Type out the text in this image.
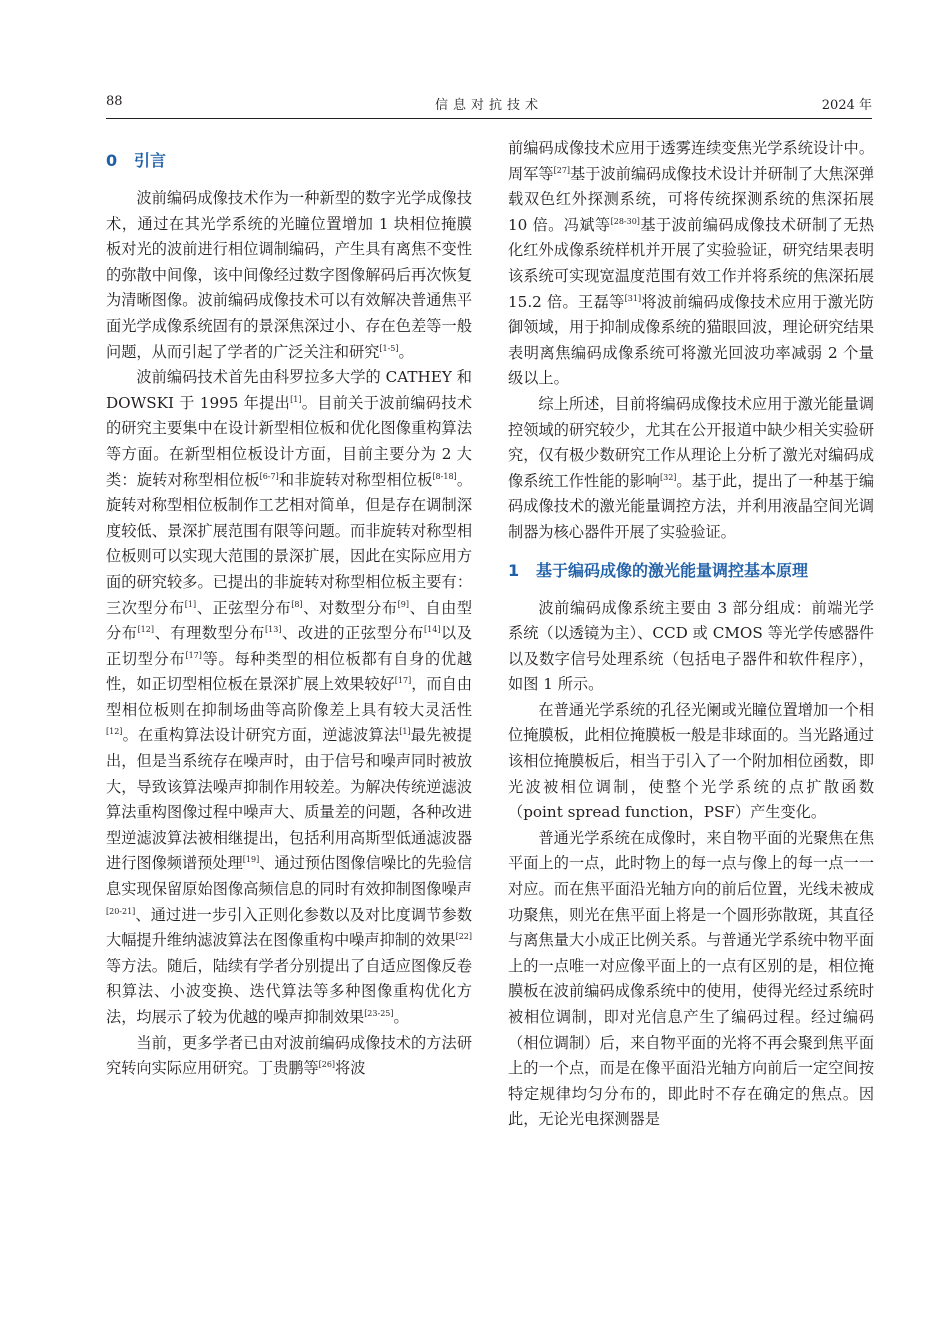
88	信息对抗技术	2024 年
0 引言

波前编码成像技术作为一种新型的数字光学成像技术，通过在其光学系统的光瞳位置增加 1 块相位掩膜板对光的波前进行相位调制编码，产生具有离焦不变性的弥散中间像，该中间像经过数字图像解码后再次恢复为清晰图像。波前编码成像技术可以有效解决普通焦平面光学成像系统固有的景深焦深过小、存在色差等一般问题，从而引起了学者的广泛关注和研究[1-5]。

波前编码技术首先由科罗拉多大学的 CATHEY 和 DOWSKI 于 1995 年提出[1]。目前关于波前编码技术的研究主要集中在设计新型相位板和优化图像重构算法等方面。在新型相位板设计方面，目前主要分为 2 大类：旋转对称型相位板[6-7]和非旋转对称型相位板[8-18]。旋转对称型相位板制作工艺相对简单，但是存在调制深度较低、景深扩展范围有限等问题。而非旋转对称型相位板则可以实现大范围的景深扩展，因此在实际应用方面的研究较多。已提出的非旋转对称型相位板主要有：三次型分布[1]、正弦型分布[8]、对数型分布[9]、自由型分布[12]、有理数型分布[13]、改进的正弦型分布[14]以及正切型分布[17]等。每种类型的相位板都有自身的优越性，如正切型相位板在景深扩展上效果较好[17]，而自由型相位板则在抑制场曲等高阶像差上具有较大灵活性[12]。在重构算法设计研究方面，逆滤波算法[1]最先被提出，但是当系统存在噪声时，由于信号和噪声同时被放大，导致该算法噪声抑制作用较差。为解决传统逆滤波算法重构图像过程中噪声大、质量差的问题，各种改进型逆滤波算法被相继提出，包括利用高斯型低通滤波器进行图像频谱预处理[19]、通过预估图像信噪比的先验信息实现保留原始图像高频信息的同时有效抑制图像噪声[20-21]、通过进一步引入正则化参数以及对比度调节参数大幅提升维纳滤波算法在图像重构中噪声抑制的效果[22]等方法。随后，陆续有学者分别提出了自适应图像反卷积算法、小波变换、迭代算法等多种图像重构优化方法，均展示了较为优越的噪声抑制效果[23-25]。

当前，更多学者已由对波前编码成像技术的方法研究转向实际应用研究。丁贵鹏等[26]将波

前编码成像技术应用于透雾连续变焦光学系统设计中。周军等[27]基于波前编码成像技术设计并研制了大焦深弹载双色红外探测系统，可将传统探测系统的焦深拓展 10 倍。冯斌等[28-30]基于波前编码成像技术研制了无热化红外成像系统样机并开展了实验验证，研究结果表明该系统可实现宽温度范围有效工作并将系统的焦深拓展 15.2 倍。王磊等[31]将波前编码成像技术应用于激光防御领域，用于抑制成像系统的猫眼回波，理论研究结果表明离焦编码成像系统可将激光回波功率减弱 2 个量级以上。

综上所述，目前将编码成像技术应用于激光能量调控领域的研究较少，尤其在公开报道中缺少相关实验研究，仅有极少数研究工作从理论上分析了激光对编码成像系统工作性能的影响[32]。基于此，提出了一种基于编码成像技术的激光能量调控方法，并利用液晶空间光调制器为核心器件开展了实验验证。

1 基于编码成像的激光能量调控基本原理

波前编码成像系统主要由 3 部分组成：前端光学系统（以透镜为主）、CCD 或 CMOS 等光学传感器件以及数字信号处理系统（包括电子器件和软件程序），如图 1 所示。

在普通光学系统的孔径光阑或光瞳位置增加一个相位掩膜板，此相位掩膜板一般是非球面的。当光路通过该相位掩膜板后，相当于引入了一个附加相位函数，即光波被相位调制，使整个光学系统的点扩散函数（point spread function，PSF）产生变化。

普通光学系统在成像时，来自物平面的光聚焦在焦平面上的一点，此时物上的每一点与像上的每一点一一对应。而在焦平面沿光轴方向的前后位置，光线未被成功聚焦，则光在焦平面上将是一个圆形弥散斑，其直径与离焦量大小成正比例关系。与普通光学系统中物平面上的一点唯一对应像平面上的一点有区别的是，相位掩膜板在波前编码成像系统中的使用，使得光经过系统时被相位调制，即对光信息产生了编码过程。经过编码（相位调制）后，来自物平面的光将不再会聚到焦平面上的一个点，而是在像平面沿光轴方向前后一定空间按特定规律均匀分布的，即此时不存在确定的焦点。因此，无论光电探测器是
